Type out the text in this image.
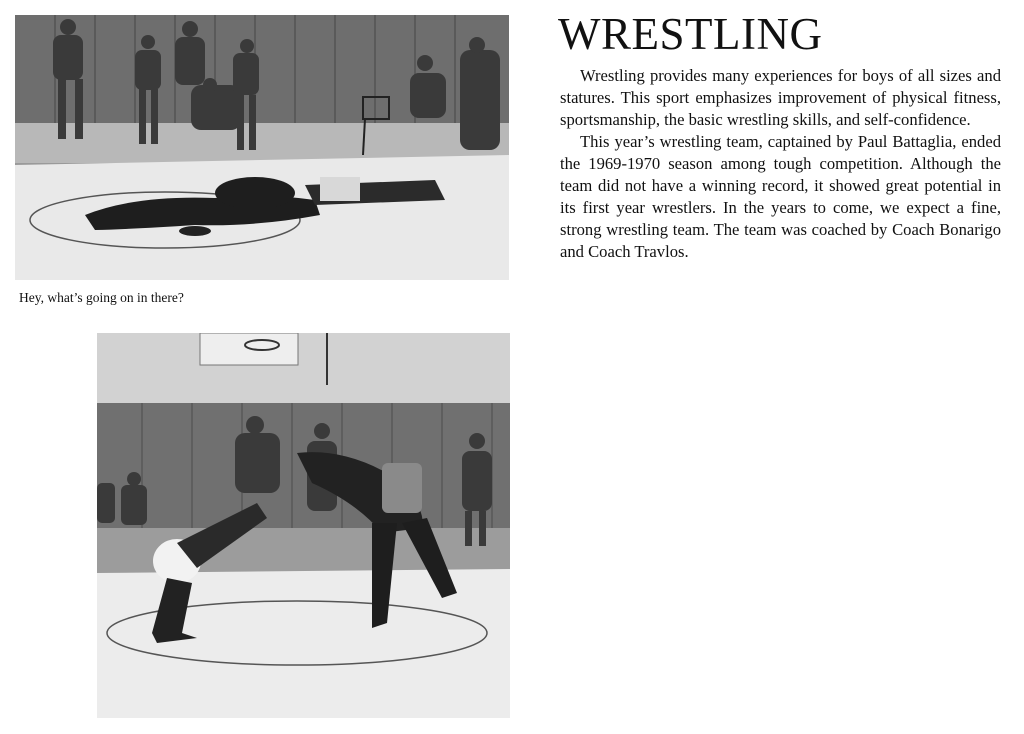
Hey, what’s going on in there?
WRESTLING

Wrestling provides many experiences for boys of all sizes and statures. This sport emphasizes improvement of physical fitness, sportsmanship, the basic wrestling skills, and self-confidence.

This year’s wrestling team, captained by Paul Battaglia, ended the 1969-1970 season among tough competition. Although the team did not have a winning record, it showed great potential in its first year wrestlers. In the years to come, we expect a fine, strong wrestling team. The team was coached by Coach Bonarigo and Coach Travlos.
